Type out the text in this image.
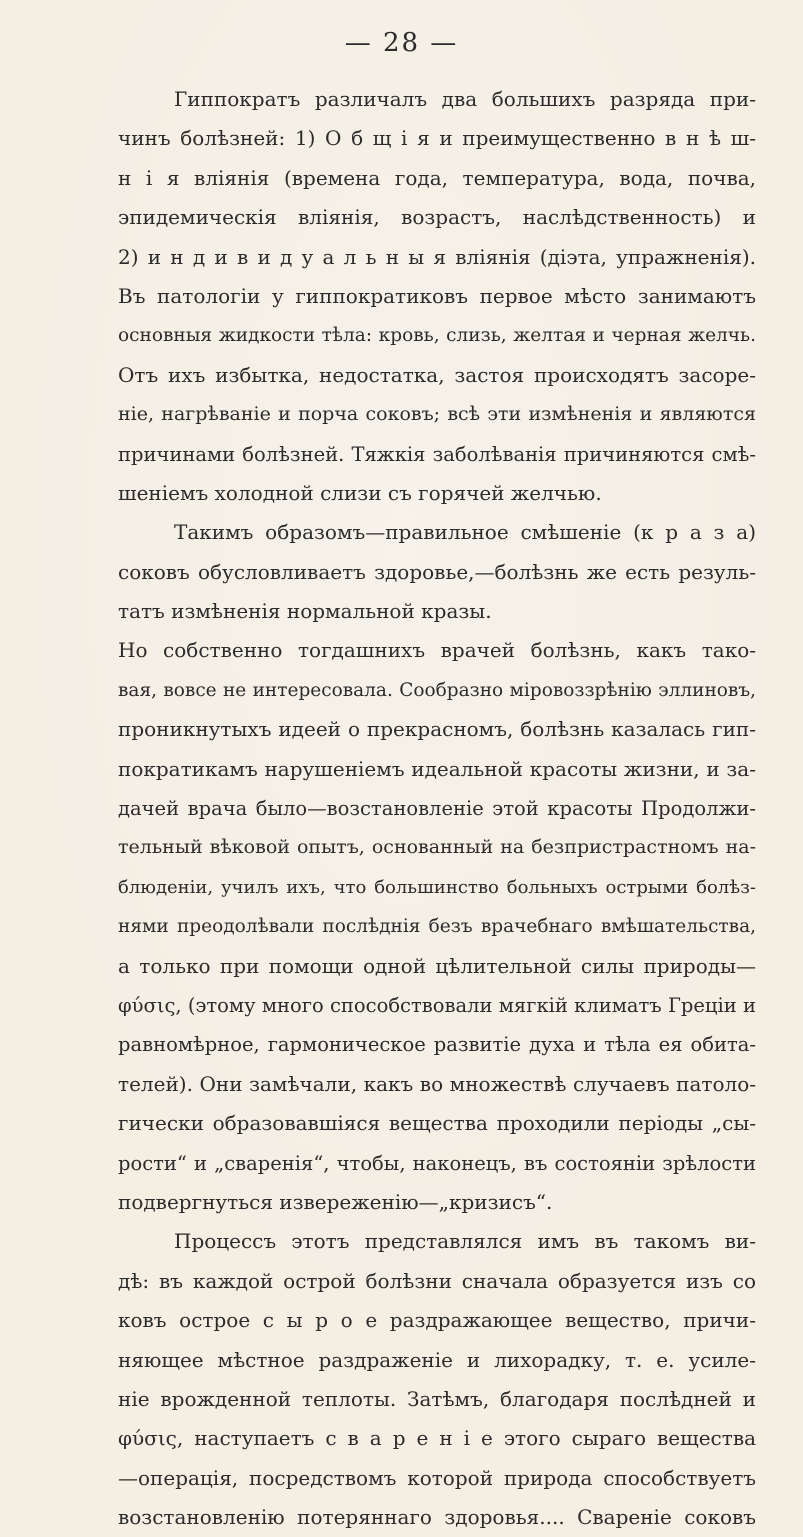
— 28 —
Гиппократъ различалъ два большихъ разряда при-
чинъ болѣзней: 1) О б щ і я и преимущественно в н ѣ ш-
н і я вліянія (времена года, температура, вода, почва,
эпидемическія вліянія, возрастъ, наслѣдственность) и
2) и н д и в и д у а л ь н ы я вліянія (діэта, упражненія).
Въ патологіи у гиппократиковъ первое мѣсто занимаютъ
основныя жидкости тѣла: кровь, слизь, желтая и черная желчь.
Отъ ихъ избытка, недостатка, застоя происходятъ засоре-
ніе, нагрѣваніе и порча соковъ; всѣ эти измѣненія и являются
причинами болѣзней. Тяжкія заболѣванія причиняются смѣ-
шеніемъ холодной слизи съ горячей желчью.
Такимъ образомъ—правильное смѣшеніе (к р а з а)
соковъ обусловливаетъ здоровье,—болѣзнь же есть резуль-
татъ измѣненія нормальной кразы.
Но собственно тогдашнихъ врачей болѣзнь, какъ тако-
вая, вовсе не интересовала. Сообразно міровоззрѣнію эллиновъ,
проникнутыхъ идеей о прекрасномъ, болѣзнь казалась гип-
пократикамъ нарушеніемъ идеальной красоты жизни, и за-
дачей врача было—возстановленіе этой красоты Продолжи-
тельный вѣковой опытъ, основанный на безпристрастномъ на-
блюденіи, училъ ихъ, что большинство больныхъ острыми болѣз-
нями преодолѣвали послѣднія безъ врачебнаго вмѣшательства,
а только при помощи одной цѣлительной силы природы—
φύσις, (этому много способствовали мягкій климатъ Греціи и
равномѣрное, гармоническое развитіе духа и тѣла ея обита-
телей). Они замѣчали, какъ во множествѣ случаевъ патоло-
гически образовавшіяся вещества проходили періоды „сы-
рости“ и „сваренія“, чтобы, наконецъ, въ состояніи зрѣлости
подвергнуться извереженію—„кризисъ“.
Процессъ этотъ представлялся имъ въ такомъ ви-
дѣ: въ каждой острой болѣзни сначала образуется изъ со
ковъ острое с ы р о е раздражающее вещество, причи-
няющее мѣстное раздраженіе и лихорадку, т. е. усиле-
ніе врожденной теплоты. Затѣмъ, благодаря послѣдней и
φύσις, наступаетъ с в а р е н і е этого сыраго вещества
—операція, посредствомъ которой природа способствуетъ
возстановленію потеряннаго здоровья.... Свареніе соковъ
